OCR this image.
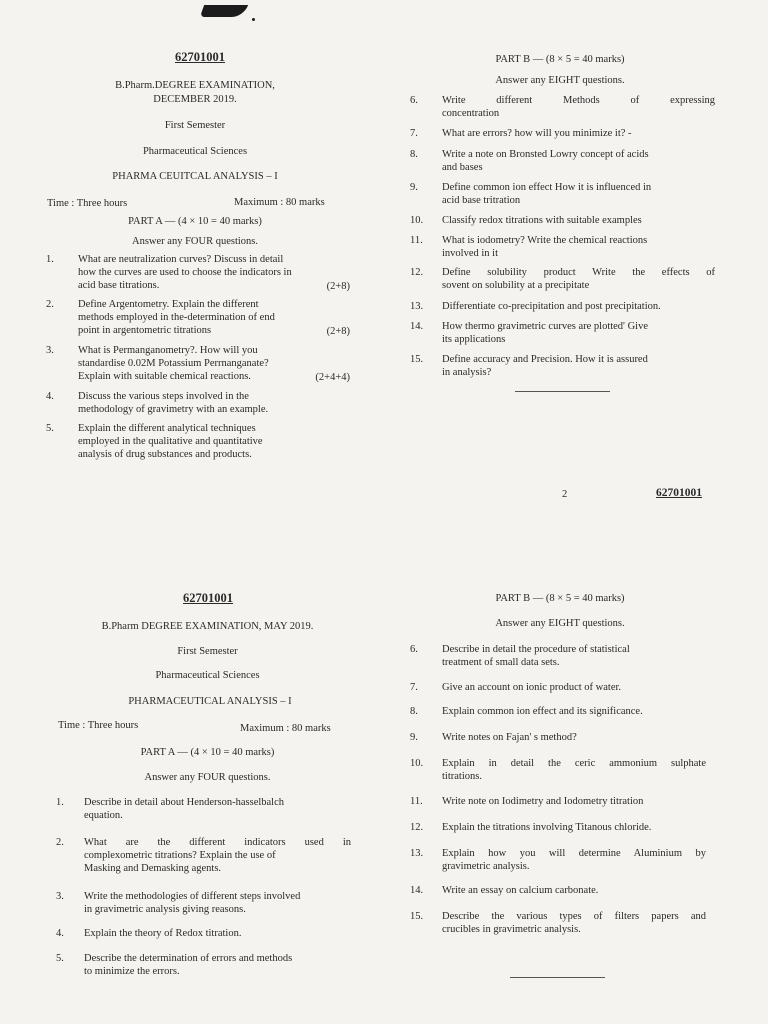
62701001
B.Pharm.DEGREE EXAMINATION,
DECEMBER 2019.
First Semester
Pharmaceutical Sciences
PHARMA CEUITCAL ANALYSIS – I
Time : Three hours	Maximum : 80 marks
PART A — (4 × 10 = 40 marks)
Answer any FOUR questions.
1. What are neutralization curves? Discuss in detail
how the curves are used to choose the indicators in
acid base titrations.	(2+8)
2. Define Argentometry. Explain the different
methods employed in the-determination of end
point in argentometric titrations	(2+8)
3. What is Permanganometry?. How will you
standardise 0.02M Potassium Perrnanganate?
Explain with suitable chemical reactions.	(2+4+4)
4. Discuss the various steps involved in the
methodology of gravimetry with an example.
5. Explain the different analytical techniques
employed in the qualitative and quantitative
analysis of drug substances and products.
PART B — (8 × 5 = 40 marks)
Answer any EIGHT questions.
6. Write different Methods of expressing
concentration
7. What are errors? how will you minimize it? -
8. Write a note on Bronsted Lowry concept of acids
and bases
9. Define common ion effect How it is influenced in
acid base tritration
10. Classify redox titrations with suitable examples
11. What is iodometry? Write the chemical reactions
involved in it
12. Define solubility product Write the effects of
sovent on solubility at a precipitate
13. Differentiate co-precipitation and post precipitation.
14. How thermo gravimetric curves are plotted' Give
its applications
15. Define accuracy and Precision. How it is assured
in analysis?
2	62701001
62701001
B.Pharm DEGREE EXAMINATION, MAY 2019.
First Semester
Pharmaceutical Sciences
PHARMACEUTICAL ANALYSIS – I
Time : Three hours	Maximum : 80 marks
PART A — (4 × 10 = 40 marks)
Answer any FOUR questions.
1. Describe in detail about Henderson-hasselbalch
equation.
2. What are the different indicators used in
complexometric titrations? Explain the use of
Masking and Demasking agents.
3. Write the methodologies of different steps involved
in gravimetric analysis giving reasons.
4. Explain the theory of Redox titration.
5. Describe the determination of errors and methods
to minimize the errors.
PART B — (8 × 5 = 40 marks)
Answer any EIGHT questions.
6. Describe in detail the procedure of statistical
treatment of small data sets.
7. Give an account on ionic product of water.
8. Explain common ion effect and its significance.
9. Write notes on Fajan' s method?
10. Explain in detail the ceric ammonium sulphate
titrations.
11. Write note on Iodimetry and Iodometry titration
12. Explain the titrations involving Titanous chloride.
13. Explain how you will determine Aluminium by
gravimetric analysis.
14. Write an essay on calcium carbonate.
15. Describe the various types of filters papers and
crucibles in gravimetric analysis.
